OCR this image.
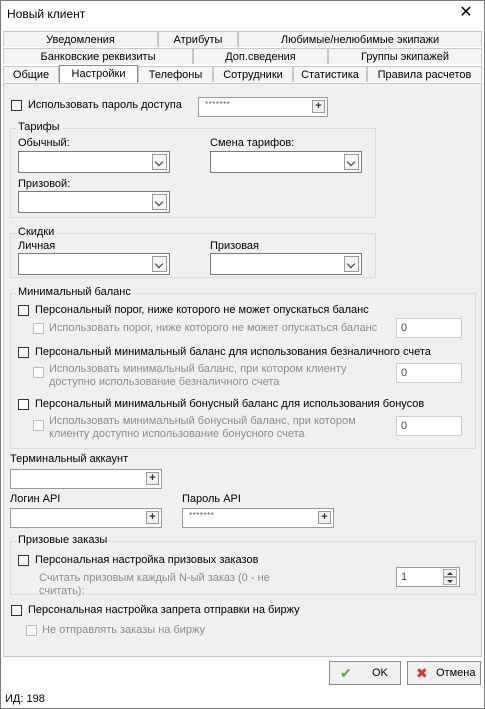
Новый клиент	✕
Уведомления	Атрибуты	Любимые/нелюбимые экипажи
Банковские реквизиты	Доп.сведения	Группы экипажей
Общие	Настройки	Телефоны	Сотрудники	Статистика	Правила расчетов
Использовать пароль доступа	*******	+
Тарифы
Обычный:	Смена тарифов:
Призовой:
Скидки
Личная	Призовая
Минимальный баланс
Персональный порог, ниже которого не может опускаться баланс
Использовать порог, ниже которого не может опускаться баланс 0
Персональный минимальный баланс для использования безналичного счета
Использовать минимальный баланс, при котором клиенту
доступно использование безналичного счета
0
Персональный минимальный бонусный баланс для использования бонусов
Использовать минимальный бонусный баланс, при котором
клиенту доступно использование бонусного счета
0
Терминальный аккаунт
+
Логин API
+
Пароль API
*******	+
Призовые заказы
Персональная настройка призовых заказов
Считать призовым каждый N-ый заказ (0 - не
считать):
1
Персональная настройка запрета отправки на биржу
Не отправлять заказы на биржу
✔ OK ✖ Отмена
ИД: 198
